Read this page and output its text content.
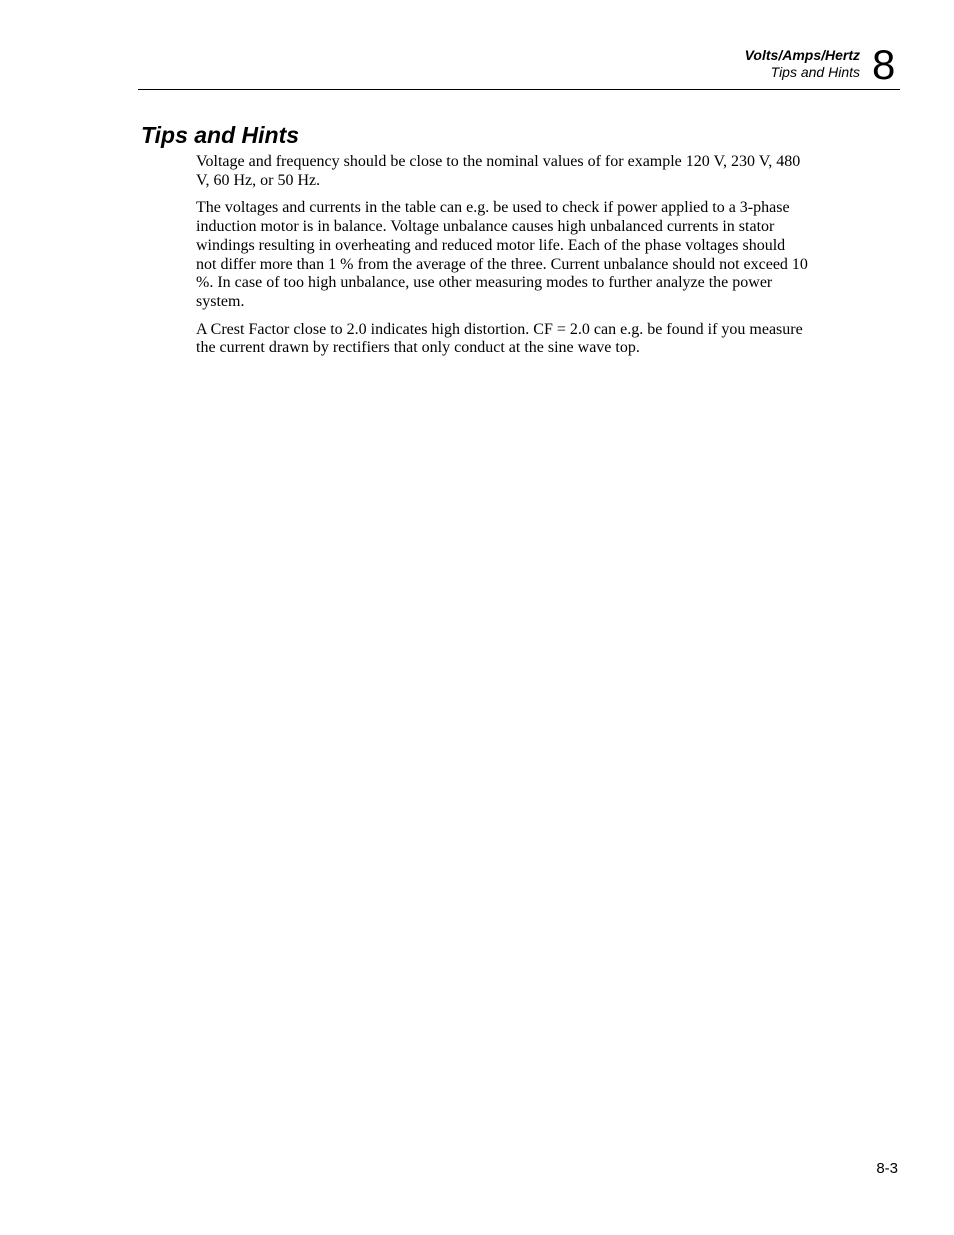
Volts/Amps/Hertz
Tips and Hints 8
Tips and Hints

Voltage and frequency should be close to the nominal values of for example 120 V, 230 V, 480 V, 60 Hz, or 50 Hz.

The voltages and currents in the table can e.g. be used to check if power applied to a 3-phase induction motor is in balance. Voltage unbalance causes high unbalanced currents in stator windings resulting in overheating and reduced motor life. Each of the phase voltages should not differ more than 1 % from the average of the three. Current unbalance should not exceed 10 %. In case of too high unbalance, use other measuring modes to further analyze the power system.

A Crest Factor close to 2.0 indicates high distortion. CF = 2.0 can e.g. be found if you measure the current drawn by rectifiers that only conduct at the sine wave top.

8-3
